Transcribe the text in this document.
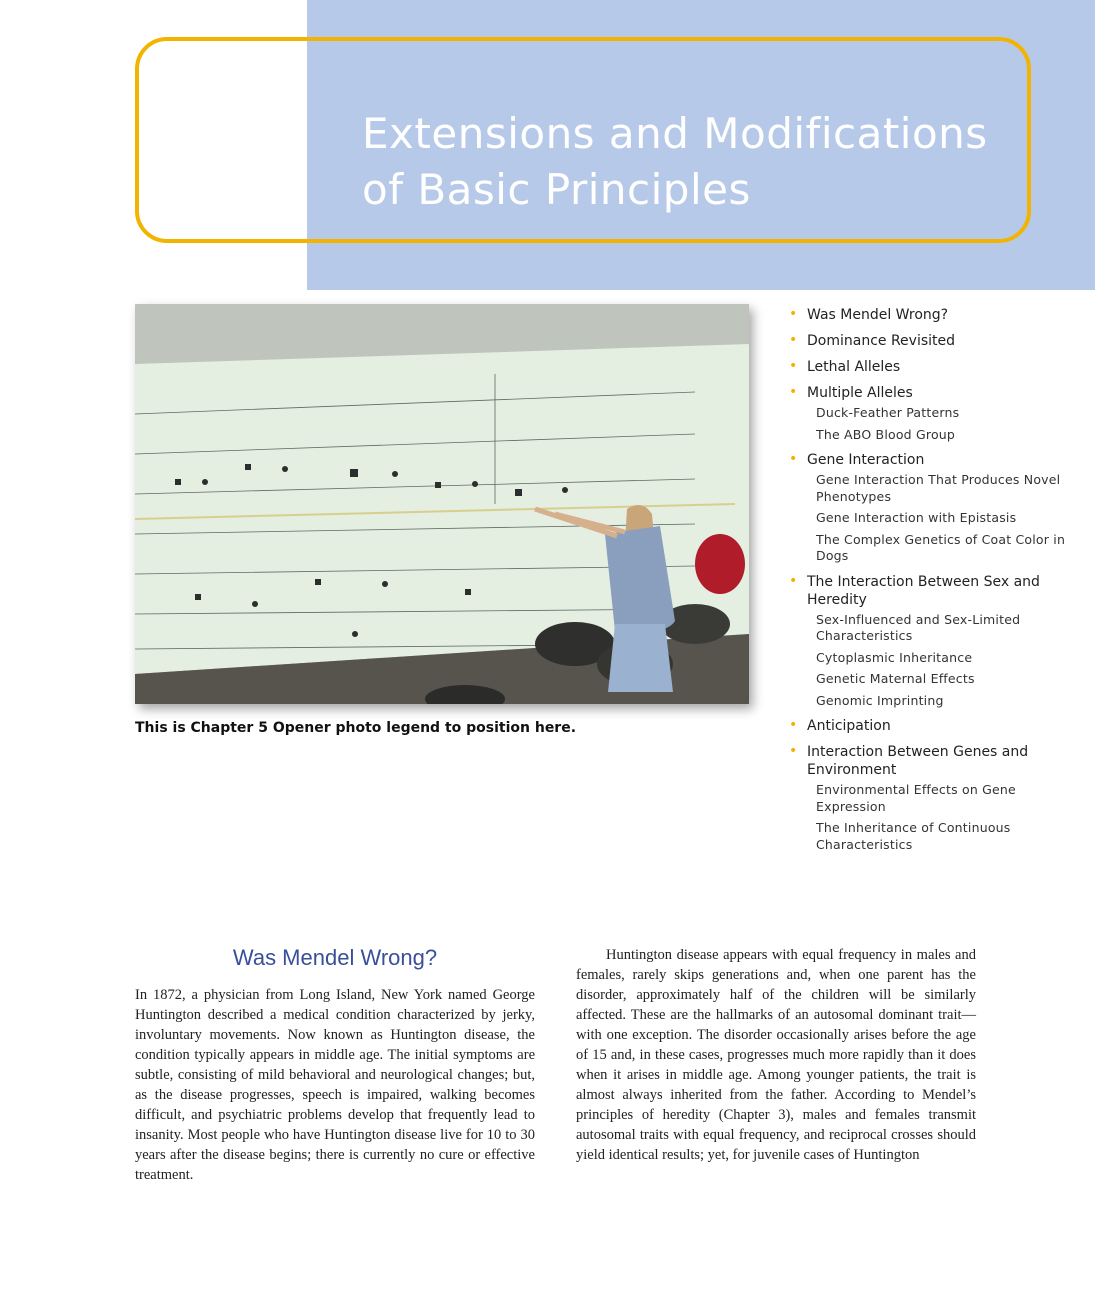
Extensions and Modifications
of Basic Principles

This is Chapter 5 Opener photo legend to position here.

• Was Mendel Wrong?
• Dominance Revisited
• Lethal Alleles
• Multiple Alleles
Duck-Feather Patterns
The ABO Blood Group
• Gene Interaction
Gene Interaction That Produces Novel Phenotypes
Gene Interaction with Epistasis
The Complex Genetics of Coat Color in Dogs
• The Interaction Between Sex and Heredity
Sex-Influenced and Sex-Limited Characteristics
Cytoplasmic Inheritance
Genetic Maternal Effects
Genomic Imprinting
• Anticipation
• Interaction Between Genes and Environment
Environmental Effects on Gene Expression
The Inheritance of Continuous Characteristics
Was Mendel Wrong?

In 1872, a physician from Long Island, New York named George Huntington described a medical condition characterized by jerky, involuntary movements. Now known as Huntington disease, the condition typically appears in middle age. The initial symptoms are subtle, consisting of mild behavioral and neurological changes; but, as the disease progresses, speech is impaired, walking becomes difficult, and psychiatric problems develop that frequently lead to insanity. Most people who have Huntington disease live for 10 to 30 years after the disease begins; there is currently no cure or effective treatment.

Huntington disease appears with equal frequency in males and females, rarely skips generations and, when one parent has the disorder, approximately half of the children will be similarly affected. These are the hallmarks of an autosomal dominant trait—with one exception. The disorder occasionally arises before the age of 15 and, in these cases, progresses much more rapidly than it does when it arises in middle age. Among younger patients, the trait is almost always inherited from the father. According to Mendel’s principles of heredity (Chapter 3), males and females transmit autosomal traits with equal frequency, and reciprocal crosses should yield identical results; yet, for juvenile cases of Huntington
